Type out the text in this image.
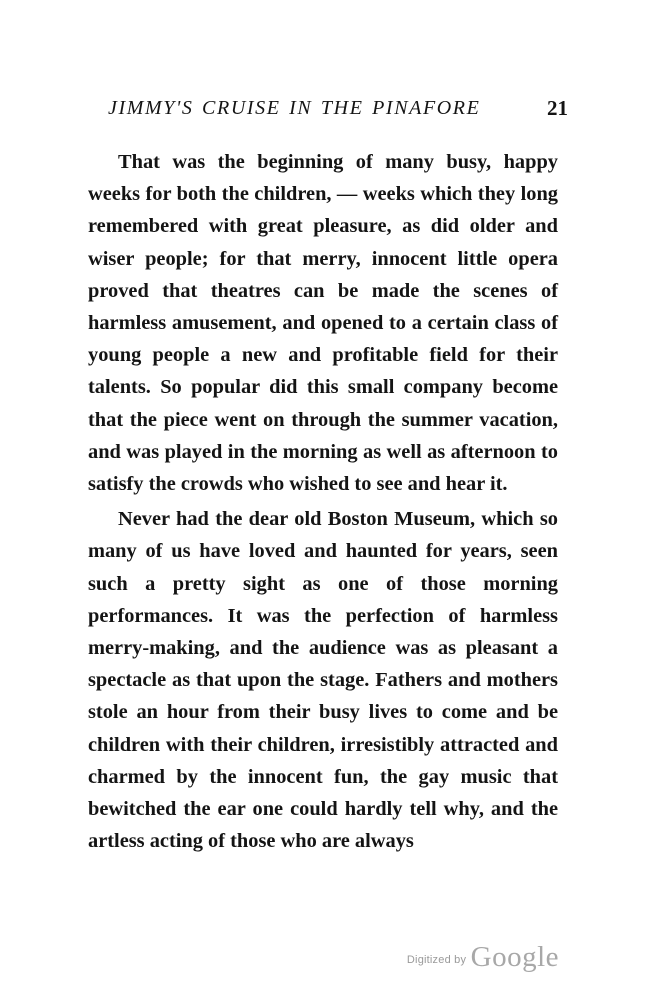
JIMMY'S CRUISE IN THE PINAFORE	21

That was the beginning of many busy, happy weeks for both the children, — weeks which they long remembered with great pleasure, as did older and wiser people; for that merry, innocent little opera proved that theatres can be made the scenes of harmless amusement, and opened to a certain class of young people a new and profitable field for their talents. So popular did this small company become that the piece went on through the summer vacation, and was played in the morning as well as afternoon to satisfy the crowds who wished to see and hear it.

Never had the dear old Boston Museum, which so many of us have loved and haunted for years, seen such a pretty sight as one of those morning performances. It was the perfection of harmless merry-making, and the audience was as pleasant a spectacle as that upon the stage. Fathers and mothers stole an hour from their busy lives to come and be children with their children, irresistibly attracted and charmed by the innocent fun, the gay music that bewitched the ear one could hardly tell why, and the artless acting of those who are always

Digitized by Google
